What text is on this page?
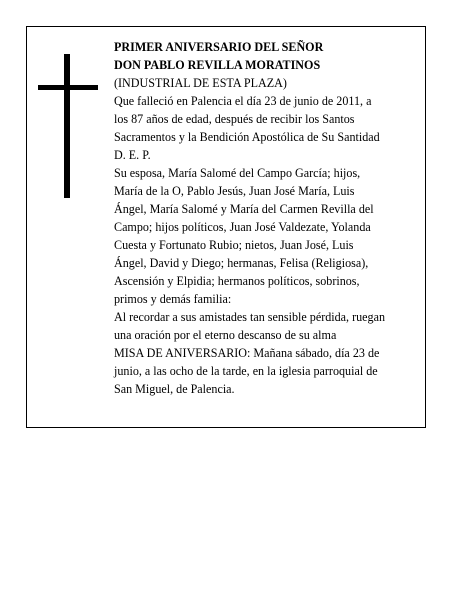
PRIMER ANIVERSARIO DEL SEÑOR
DON PABLO REVILLA MORATINOS
(INDUSTRIAL DE ESTA PLAZA)
Que falleció en Palencia el día 23 de junio de 2011, a
los 87 años de edad, después de recibir los Santos
Sacramentos y la Bendición Apostólica de Su Santidad
D. E. P.
Su esposa, María Salomé del Campo García; hijos,
María de la O, Pablo Jesús, Juan José María, Luis
Ángel, María Salomé y María del Carmen Revilla del
Campo; hijos políticos, Juan José Valdezate, Yolanda
Cuesta y Fortunato Rubio; nietos, Juan José, Luis
Ángel, David y Diego; hermanas, Felisa (Religiosa),
Ascensión y Elpidia; hermanos políticos, sobrinos,
primos y demás familia:
Al recordar a sus amistades tan sensible pérdida, ruegan
una oración por el eterno descanso de su alma
MISA DE ANIVERSARIO: Mañana sábado, día 23 de
junio, a las ocho de la tarde, en la iglesia parroquial de
San Miguel, de Palencia.
